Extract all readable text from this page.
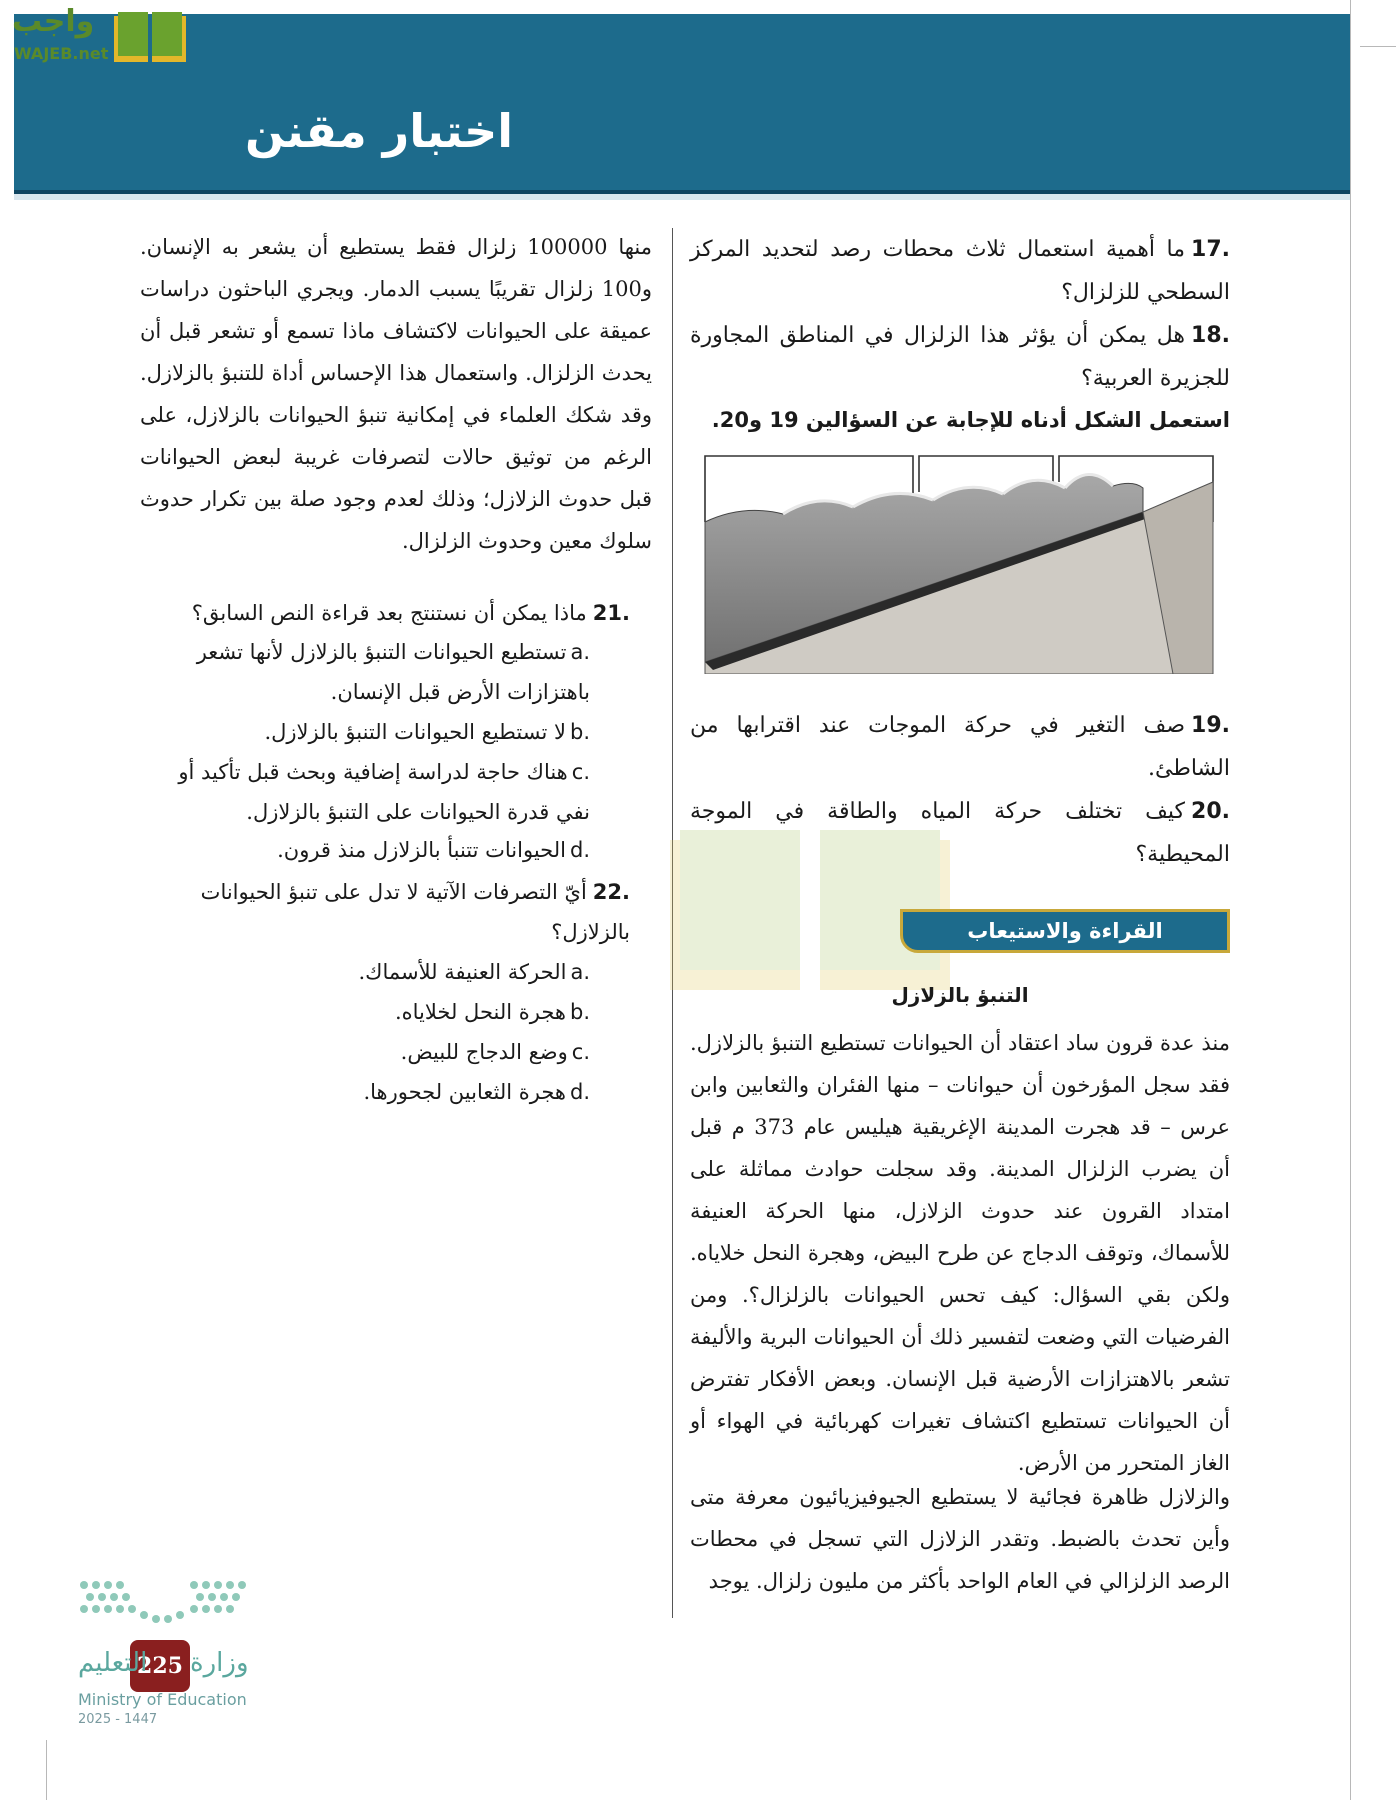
واجب
WAJEB.net
اختبار مقنن
.17ما أهمية استعمال ثلاث محطات رصد لتحديد المركز السطحي للزلزال؟
.18هل يمكن أن يؤثر هذا الزلزال في المناطق المجاورة للجزيرة العربية؟
استعمل الشكل أدناه للإجابة عن السؤالين 19 و20.
.19صف التغير في حركة الموجات عند اقترابها من الشاطئ.
.20كيف تختلف حركة المياه والطاقة في الموجة المحيطية؟
القراءة والاستيعاب
التنبؤ بالزلازل
منذ عدة قرون ساد اعتقاد أن الحيوانات تستطيع التنبؤ بالزلازل. فقد سجل المؤرخون أن حيوانات – منها الفئران والثعابين وابن عرس – قد هجرت المدينة الإغريقية هيليس عام 373 م قبل أن يضرب الزلزال المدينة. وقد سجلت حوادث مماثلة على امتداد القرون عند حدوث الزلازل، منها الحركة العنيفة للأسماك، وتوقف الدجاج عن طرح البيض، وهجرة النحل خلاياه. ولكن بقي السؤال: كيف تحس الحيوانات بالزلزال؟. ومن الفرضيات التي وضعت لتفسير ذلك أن الحيوانات البرية والأليفة تشعر بالاهتزازات الأرضية قبل الإنسان. وبعض الأفكار تفترض أن الحيوانات تستطيع اكتشاف تغيرات كهربائية في الهواء أو الغاز المتحرر من الأرض.
والزلازل ظاهرة فجائية لا يستطيع الجيوفيزيائيون معرفة متى وأين تحدث بالضبط. وتقدر الزلازل التي تسجل في محطات الرصد الزلزالي في العام الواحد بأكثر من مليون زلزال. يوجد
منها 100000 زلزال فقط يستطيع أن يشعر به الإنسان. و100 زلزال تقريبًا يسبب الدمار. ويجري الباحثون دراسات عميقة على الحيوانات لاكتشاف ماذا تسمع أو تشعر قبل أن يحدث الزلزال. واستعمال هذا الإحساس أداة للتنبؤ بالزلازل. وقد شكك العلماء في إمكانية تنبؤ الحيوانات بالزلازل، على الرغم من توثيق حالات لتصرفات غريبة لبعض الحيوانات قبل حدوث الزلازل؛ وذلك لعدم وجود صلة بين تكرار حدوث سلوك معين وحدوث الزلزال.
.21ماذا يمكن أن نستنتج بعد قراءة النص السابق؟
.aتستطيع الحيوانات التنبؤ بالزلازل لأنها تشعر باهتزازات الأرض قبل الإنسان.
.bلا تستطيع الحيوانات التنبؤ بالزلازل.
.cهناك حاجة لدراسة إضافية وبحث قبل تأكيد أو نفي قدرة الحيوانات على التنبؤ بالزلازل.
.dالحيوانات تتنبأ بالزلازل منذ قرون.
.22أيّ التصرفات الآتية لا تدل على تنبؤ الحيوانات بالزلازل؟
.aالحركة العنيفة للأسماك.
.bهجرة النحل لخلاياه.
.cوضع الدجاج للبيض.
.dهجرة الثعابين لجحورها.
225 وزارة
التعليم
Ministry of Education
2025 - 1447
